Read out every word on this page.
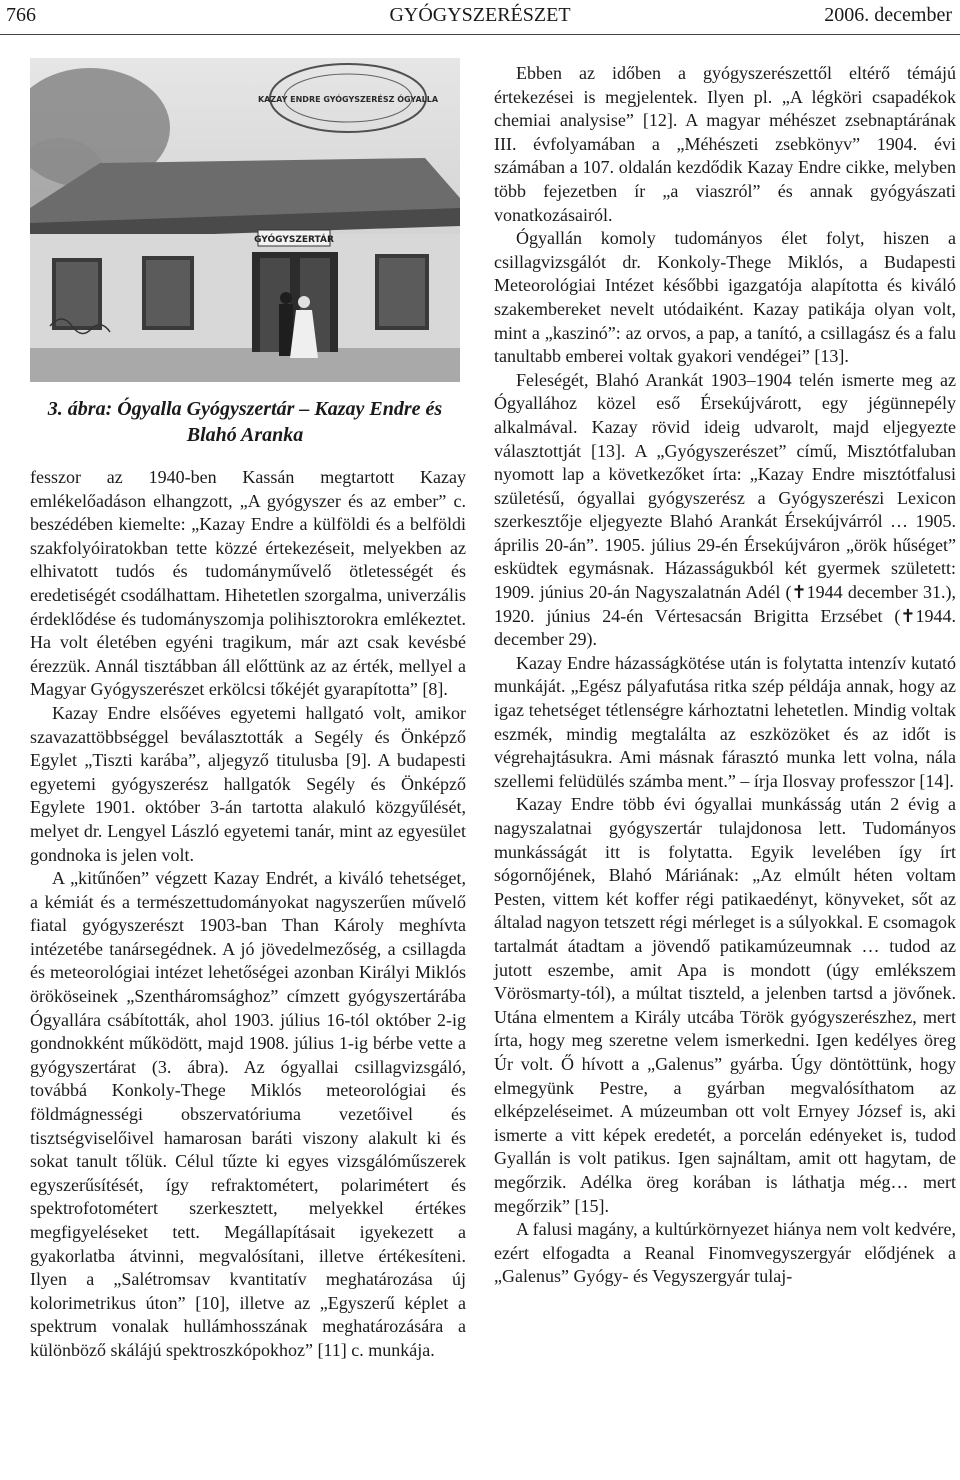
766	GYÓGYSZERÉSZET	2006. december
GYÓGYSZERTÁR
KAZAY ENDRE GYÓGYSZERÉSZ ÓGYALLA
3. ábra: Ógyalla Gyógyszertár – Kazay Endre és Blahó Aranka

fesszor az 1940-ben Kassán megtartott Kazay emlékelőadáson elhangzott, „A gyógyszer és az ember” c. beszédében kiemelte: „Kazay Endre a külföldi és a belföldi szakfolyóiratokban tette közzé értekezéseit, melyekben az elhivatott tudós és tudományművelő ötletességét és eredetiségét csodálhattam. Hihetetlen szorgalma, univerzális érdeklődése és tudományszomja polihisztorokra emlékeztet. Ha volt életében egyéni tragikum, már azt csak kevésbé érezzük. Annál tisztábban áll előttünk az az érték, mellyel a Magyar Gyógyszerészet erkölcsi tőkéjét gyarapította” [8].

Kazay Endre elsőéves egyetemi hallgató volt, amikor szavazattöbbséggel beválasztották a Segély és Önképző Egylet „Tiszti karába”, aljegyző titulusba [9]. A budapesti egyetemi gyógyszerész hallgatók Segély és Önképző Egylete 1901. október 3-án tartotta alakuló közgyűlését, melyet dr. Lengyel László egyetemi tanár, mint az egyesület gondnoka is jelen volt.

A „kitűnően” végzett Kazay Endrét, a kiváló tehetséget, a kémiát és a természettudományokat nagyszerűen művelő fiatal gyógyszerészt 1903-ban Than Károly meghívta intézetébe tanársegédnek. A jó jövedelmezőség, a csillagda és meteorológiai intézet lehetőségei azonban Királyi Miklós örököseinek „Szentháromsághoz” címzett gyógyszertárába Ógyallára csábították, ahol 1903. július 16-tól október 2-ig gondnokként működött, majd 1908. július 1-ig bérbe vette a gyógyszertárat (3. ábra). Az ógyallai csillagvizsgáló, továbbá Konkoly-Thege Miklós meteorológiai és földmágnességi obszervatóriuma vezetőivel és tisztségviselőivel hamarosan baráti viszony alakult ki és sokat tanult tőlük. Célul tűzte ki egyes vizsgálóműszerek egyszerűsítését, így refraktométert, polarimétert és spektrofotométert szerkesztett, melyekkel értékes megfigyeléseket tett. Megállapításait igyekezett a gyakorlatba átvinni, megvalósítani, illetve értékesíteni. Ilyen a „Salétromsav kvantitatív meghatározása új kolorimetrikus úton” [10], illetve az „Egyszerű képlet a spektrum vonalak hullámhosszának meghatározására a különböző skálájú spektroszkópokhoz” [11] c. munkája.

Ebben az időben a gyógyszerészettől eltérő témájú értekezései is megjelentek. Ilyen pl. „A légköri csapadékok chemiai analysise” [12]. A magyar méhészet zsebnaptárának III. évfolyamában a „Méhészeti zsebkönyv” 1904. évi számában a 107. oldalán kezdődik Kazay Endre cikke, melyben több fejezetben ír „a viaszról” és annak gyógyászati vonatkozásairól.

Ógyallán komoly tudományos élet folyt, hiszen a csillagvizsgálót dr. Konkoly-Thege Miklós, a Budapesti Meteorológiai Intézet későbbi igazgatója alapította és kiváló szakembereket nevelt utódaiként. Kazay patikája olyan volt, mint a „kaszinó”: az orvos, a pap, a tanító, a csillagász és a falu tanultabb emberei voltak gyakori vendégei” [13].

Feleségét, Blahó Arankát 1903–1904 telén ismerte meg az Ógyallához közel eső Érsekújvárott, egy jégünnepély alkalmával. Kazay rövid ideig udvarolt, majd eljegyezte választottját [13]. A „Gyógyszerészet” című, Misztótfaluban nyomott lap a következőket írta: „Kazay Endre misztótfalusi születésű, ógyallai gyógyszerész a Gyógyszerészi Lexicon szerkesztője eljegyezte Blahó Arankát Érsekújvárról … 1905. április 20-án”. 1905. július 29-én Érsekújváron „örök hűséget” esküdtek egymásnak. Házasságukból két gyermek született: 1909. június 20-án Nagyszalatnán Adél (✝1944 december 31.), 1920. június 24-én Vértesacsán Brigitta Erzsébet (✝1944. december 29).

Kazay Endre házasságkötése után is folytatta intenzív kutató munkáját. „Egész pályafutása ritka szép példája annak, hogy az igaz tehetséget tétlenségre kárhoztatni lehetetlen. Mindig voltak eszmék, mindig megtalálta az eszközöket és az időt is végrehajtásukra. Ami másnak fárasztó munka lett volna, nála szellemi felüdülés számba ment.” – írja Ilosvay professzor [14].

Kazay Endre több évi ógyallai munkásság után 2 évig a nagyszalatnai gyógyszertár tulajdonosa lett. Tudományos munkásságát itt is folytatta. Egyik levelében így írt sógornőjének, Blahó Máriának: „Az elmúlt héten voltam Pesten, vittem két koffer régi patikaedényt, könyveket, sőt az általad nagyon tetszett régi mérleget is a súlyokkal. E csomagok tartalmát átadtam a jövendő patikamúzeumnak … tudod az jutott eszembe, amit Apa is mondott (úgy emlékszem Vörösmarty-tól), a múltat tiszteld, a jelenben tartsd a jövőnek. Utána elmentem a Király utcába Török gyógyszerészhez, mert írta, hogy meg szeretne velem ismerkedni. Igen kedélyes öreg Úr volt. Ő hívott a „Galenus” gyárba. Úgy döntöttünk, hogy elmegyünk Pestre, a gyárban megvalósíthatom az elképzeléseimet. A múzeumban ott volt Ernyey József is, aki ismerte a vitt képek eredetét, a porcelán edényeket is, tudod Gyallán is volt patikus. Igen sajnáltam, amit ott hagytam, de megőrzik. Adélka öreg korában is láthatja még… mert megőrzik” [15].

A falusi magány, a kultúrkörnyezet hiánya nem volt kedvére, ezért elfogadta a Reanal Finomvegyszergyár elődjének a „Galenus” Gyógy- és Vegyszergyár tulaj-
